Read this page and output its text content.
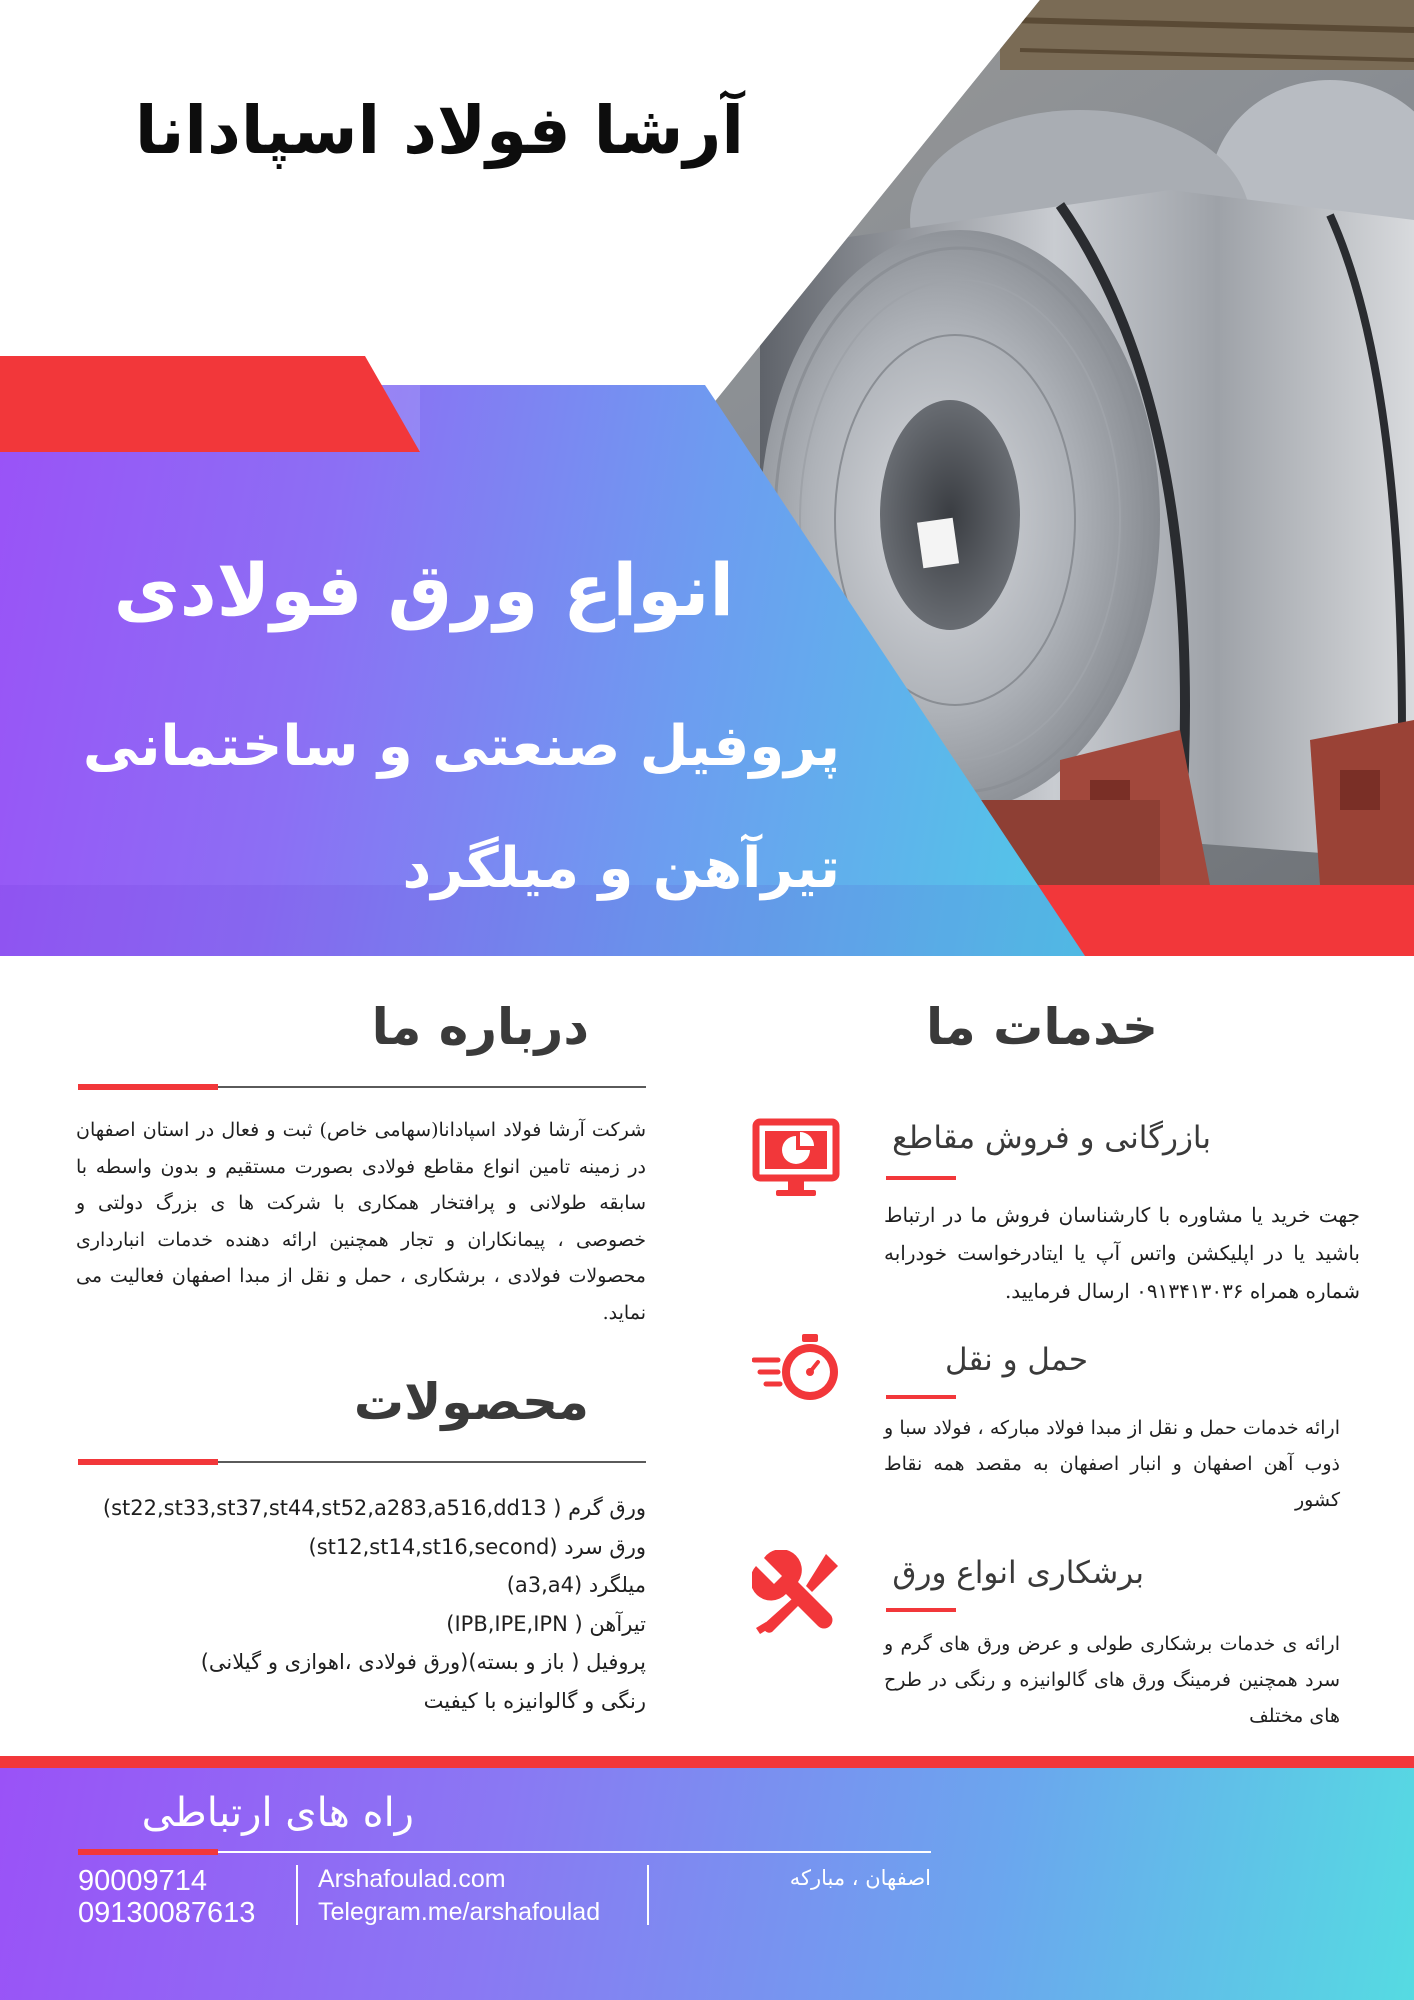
آرشا فولاد اسپادانا
انواع ورق فولادی
پروفیل صنعتی و ساختمانی
تیرآهن و میلگرد
درباره ما
شرکت آرشا فولاد اسپادانا(سهامی خاص) ثبت و فعال در استان اصفهان در زمینه تامین انواع مقاطع فولادی بصورت مستقیم و بدون واسطه با سابقه طولانی و پرافتخار همکاری با شرکت ها ی بزرگ دولتی و خصوصی ، پیمانکاران و تجار همچنین ارائه دهنده خدمات انبارداری محصولات فولادی ، برشکاری ، حمل و نقل از مبدا اصفهان فعالیت می نماید.
محصولات
ورق گرم ( st22,st33,st37,st44,st52,a283,a516,dd13)
ورق سرد (st12,st14,st16,second)
میلگرد (a3,a4)
تیرآهن ( IPB,IPE,IPN)
پروفیل ( باز و بسته)(ورق فولادی ،اهوازی و گیلانی)
رنگی و گالوانیزه با کیفیت
خدمات ما
بازرگانی و فروش مقاطع
جهت خرید یا مشاوره با کارشناسان فروش ما در ارتباط باشید یا در اپلیکشن واتس آپ یا ایتادرخواست خودرابه شماره همراه ۰۹۱۳۴۱۳۰۳۶ ارسال فرمایید.
حمل و نقل
ارائه خدمات حمل و نقل از مبدا فولاد مبارکه ، فولاد سبا و ذوب آهن اصفهان و انبار اصفهان به مقصد همه نقاط کشور
برشکاری انواع ورق
ارائه ی خدمات برشکاری طولی و عرض ورق های گرم و سرد همچنین فرمینگ ورق های گالوانیزه و رنگی در طرح های مختلف
راه های ارتباطی
90009714
09130087613
Arshafoulad.com
Telegram.me/arshafoulad
اصفهان ، مبارکه
